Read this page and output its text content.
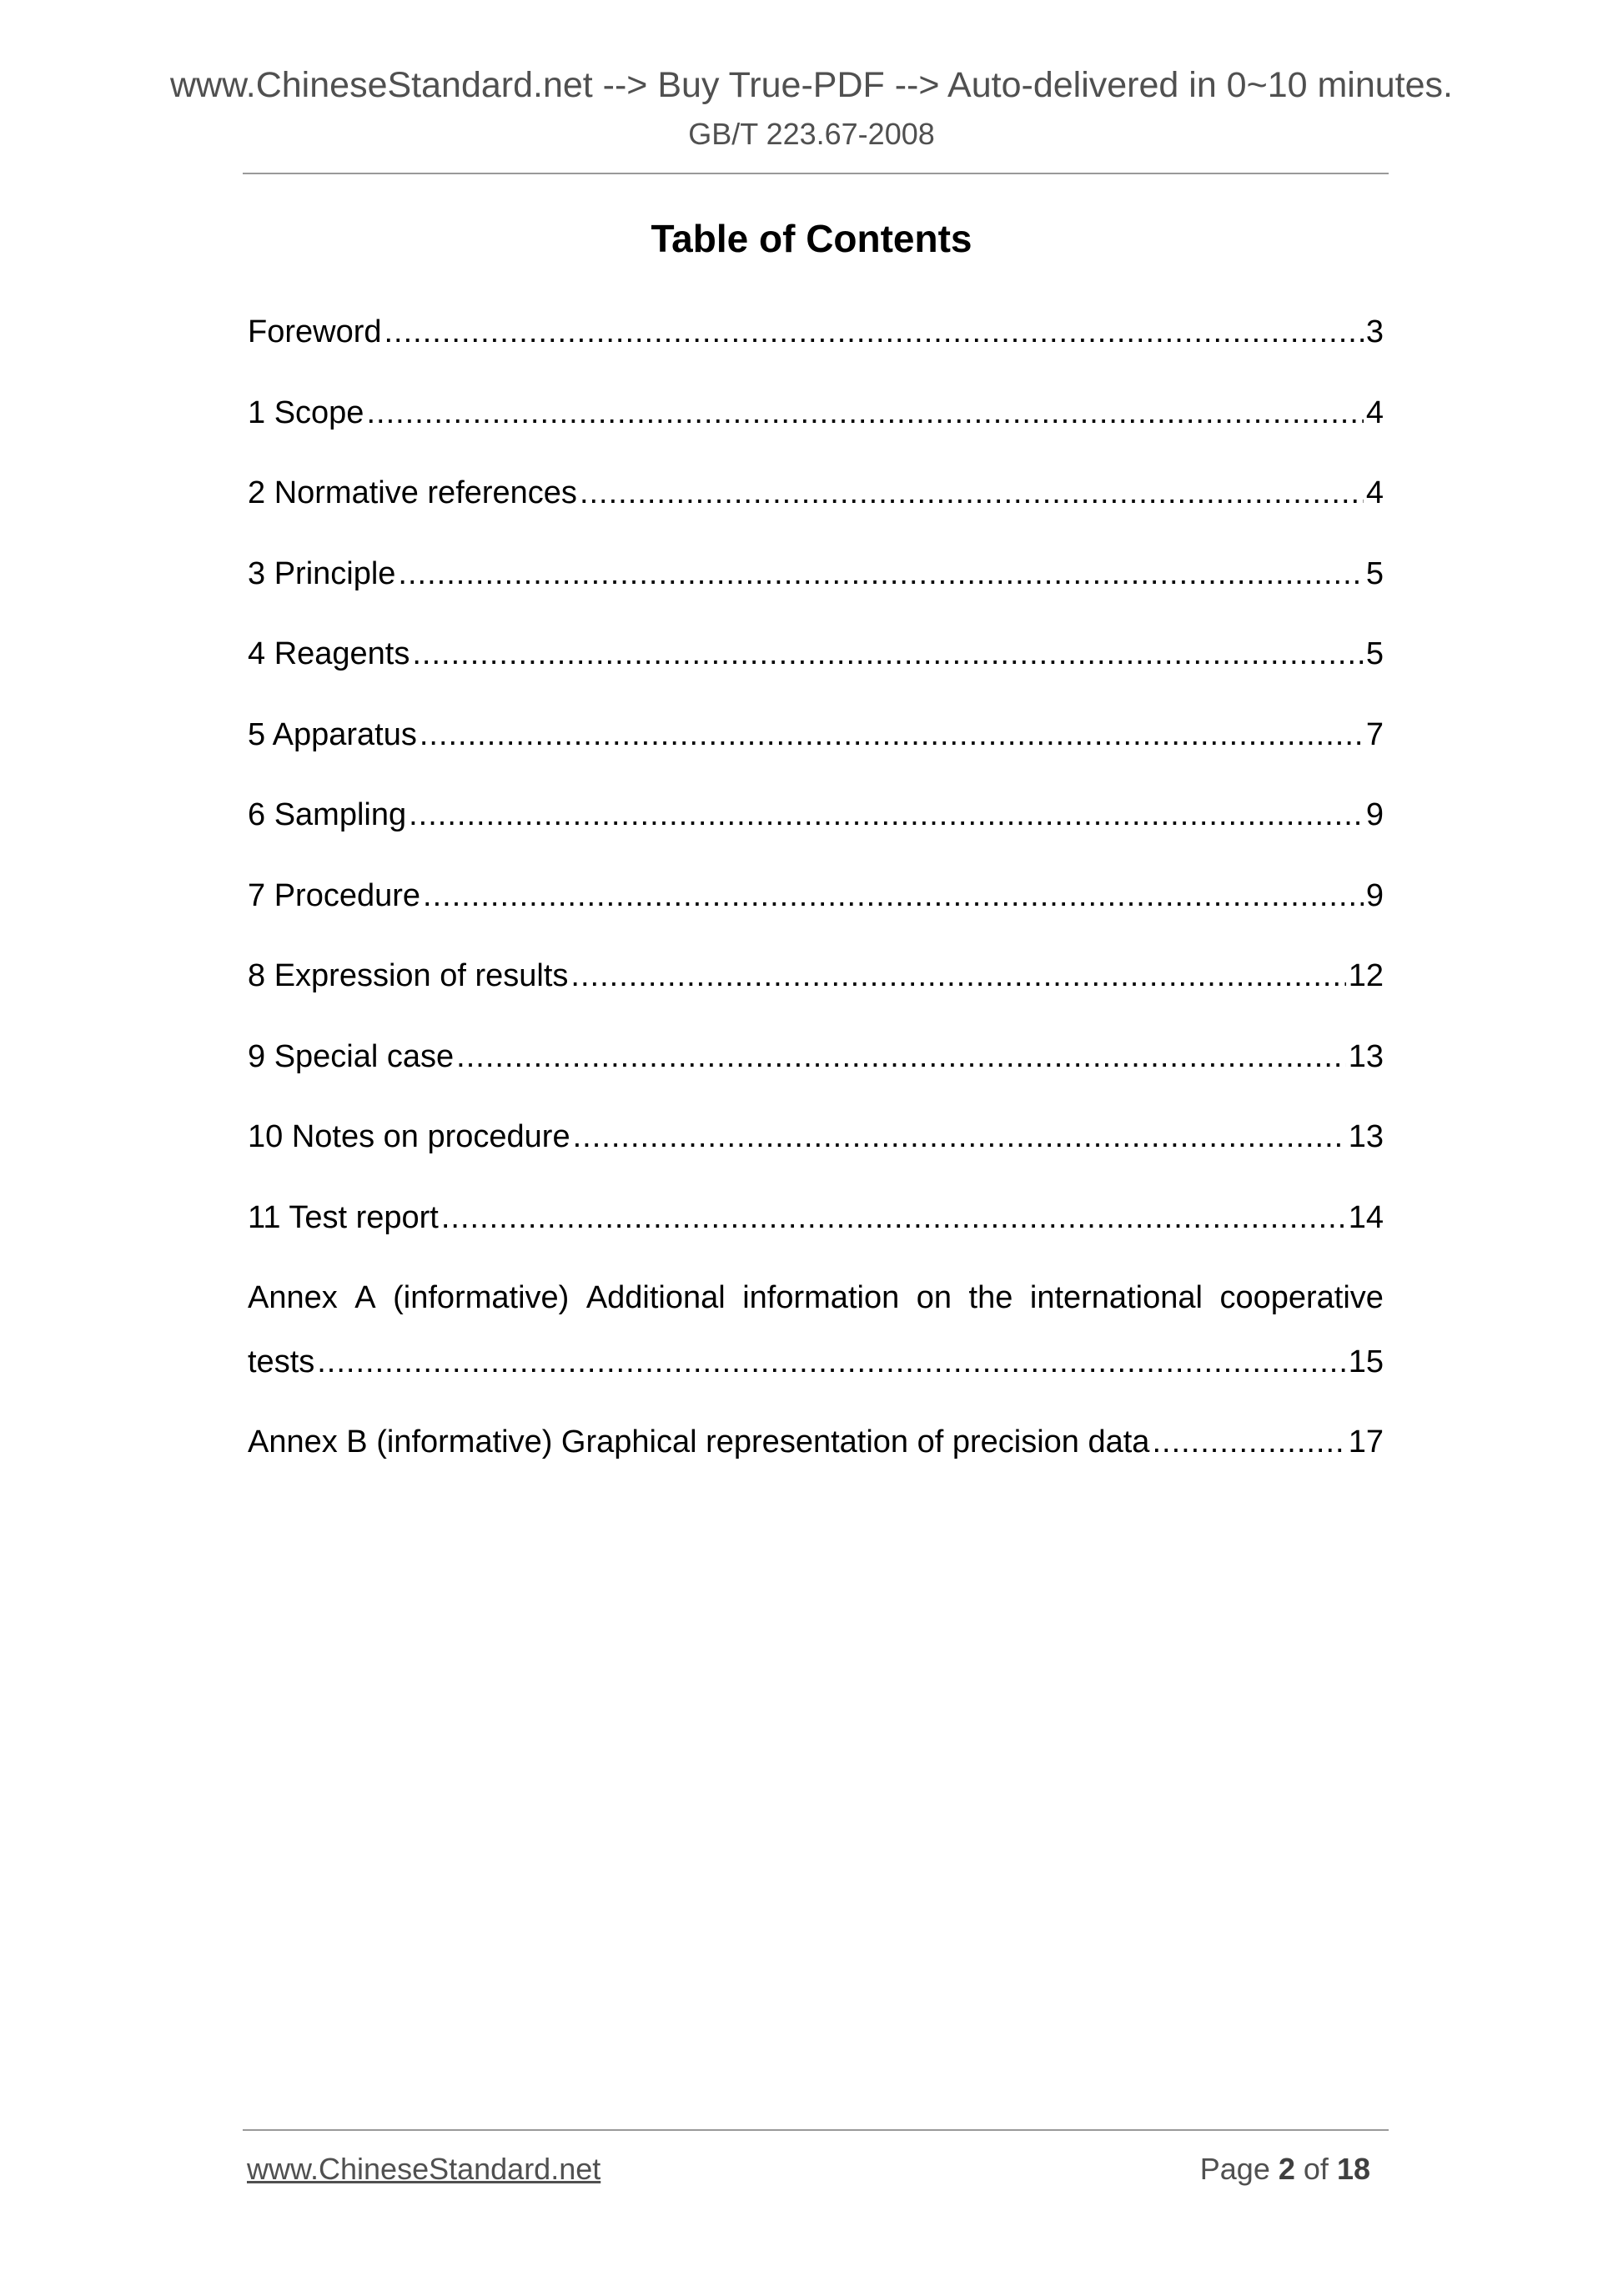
www.ChineseStandard.net --> Buy True-PDF --> Auto-delivered in 0~10 minutes.
GB/T 223.67-2008
Table of Contents
Foreword .....	3
1 Scope .....	4
2 Normative references .....	4
3 Principle .....	5
4 Reagents .....	5
5 Apparatus .....	7
6 Sampling .....	9
7 Procedure .....	9
8 Expression of results .....	12
9 Special case .....	13
10 Notes on procedure .....	13
11 Test report .....	14
Annex A (informative) Additional information on the international cooperative
tests .....	15
Annex B (informative) Graphical representation of precision data .....	17
www.ChineseStandard.net	Page 2 of 18
